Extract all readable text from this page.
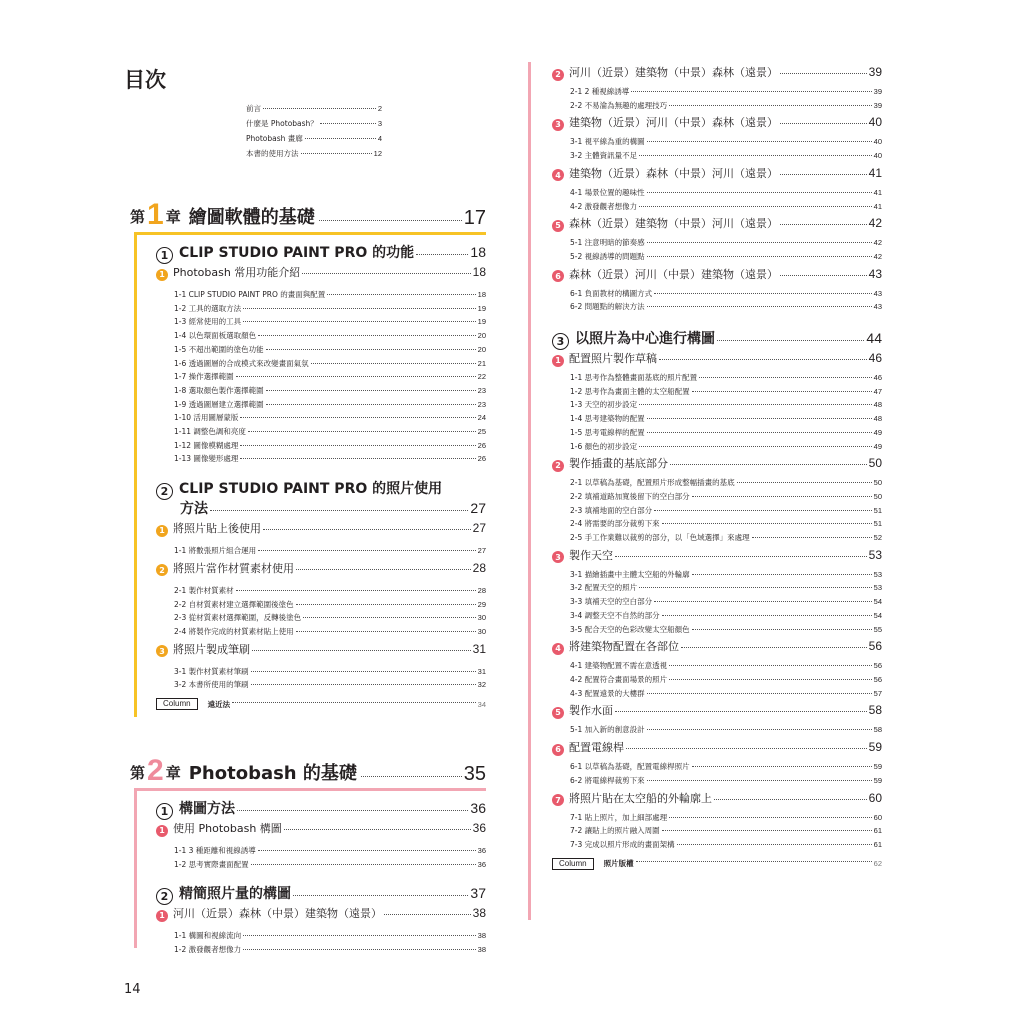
目次
14
前言	2
什麼是 Photobash？	3
Photobash 畫廊	4
本書的使用方法	12
第 1 章 繪圖軟體的基礎	17
1 CLIP STUDIO PAINT PRO 的功能	18
1 Photobash 常用功能介紹	18
1-1 CLIP STUDIO PAINT PRO 的畫面與配置	18
1-2 工具的選取方法	19
1-3 經常使用的工具	19
1-4 以色環面板選取顏色	20
1-5 不超出範圍的塗色功能	20
1-6 透過圖層的合成模式來改變畫面氣氛	21
1-7 操作選擇範圍	22
1-8 選取顏色製作選擇範圍	23
1-9 透過圖層建立選擇範圍	23
1-10 活用圖層蒙版	24
1-11 調整色調和亮度	25
1-12 圖像模糊處理	26
1-13 圖像變形處理	26
2 CLIP STUDIO PAINT PRO 的照片使用
方法	27
1 將照片貼上後使用	27
1-1 將數張照片組合運用	27
2 將照片當作材質素材使用	28
2-1 製作材質素材	28
2-2 自材質素材建立選擇範圍後塗色	29
2-3 從材質素材選擇範圍，反轉後塗色	30
2-4 將製作完成的材質素材貼上使用	30
3 將照片製成筆刷	31
3-1 製作材質素材筆刷	31
3-2 本書所使用的筆刷	32
Column	遠近法	34
第 2 章 Photobash 的基礎	35
1 構圖方法	36
1 使用 Photobash 構圖	36
1-1 3 種距離和視線誘導	36
1-2 思考實際畫面配置	36
2 精簡照片量的構圖	37
1 河川（近景）森林（中景）建築物（遠景）	38
1-1 構圖和視線流向	38
1-2 激發觀者想像力	38
2 河川（近景）建築物（中景）森林（遠景）	39
2-1 2 種視線誘導	39
2-2 不易淪為無趣的處理技巧	39
3 建築物（近景）河川（中景）森林（遠景）	40
3-1 視平線為重的構圖	40
3-2 主體資訊量不足	40
4 建築物（近景）森林（中景）河川（遠景）	41
4-1 場景位置的趣味性	41
4-2 激發觀者想像力	41
5 森林（近景）建築物（中景）河川（遠景）	42
5-1 注意明暗的節奏感	42
5-2 視線誘導的問題點	42
6 森林（近景）河川（中景）建築物（遠景）	43
6-1 負面教材的構圖方式	43
6-2 問題點的解決方法	43
3 以照片為中心進行構圖	44
1 配置照片製作草稿	46
1-1 思考作為整體畫面基底的照片配置	46
1-2 思考作為畫面主體的太空船配置	47
1-3 天空的初步設定	48
1-4 思考建築物的配置	48
1-5 思考電線桿的配置	49
1-6 顏色的初步設定	49
2 製作插畫的基底部分	50
2-1 以草稿為基礎，配置照片形成整幅插畫的基底	50
2-2 填補道路加寬後留下的空白部分	50
2-3 填補地面的空白部分	51
2-4 將需要的部分裁剪下來	51
2-5 手工作業難以裁剪的部分，以「色域選擇」來處理	52
3 製作天空	53
3-1 描繪插畫中主體太空船的外輪廓	53
3-2 配置天空的照片	53
3-3 填補天空的空白部分	54
3-4 調整天空不自然的部分	54
3-5 配合天空的色彩改變太空船顏色	55
4 將建築物配置在各部位	56
4-1 建築物配置不需在意透視	56
4-2 配置符合畫面場景的照片	56
4-3 配置遠景的大樓群	57
5 製作水面	58
5-1 加入新的創意設計	58
6 配置電線桿	59
6-1 以草稿為基礎，配置電線桿照片	59
6-2 將電線桿裁剪下來	59
7 將照片貼在太空船的外輪廓上	60
7-1 貼上照片，加上細部處理	60
7-2 讓貼上的照片融入周圍	61
7-3 完成以照片形成的畫面架構	61
Column	照片版權	62
